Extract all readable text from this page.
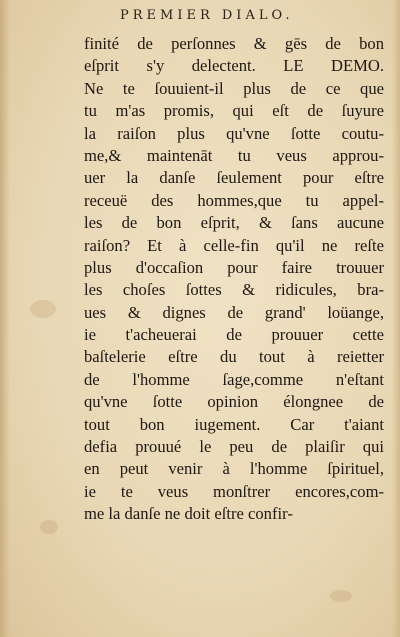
PREMIER DIALO.
finité de perſonnes & gēs de bon
eſprit s'y delectent. LE DEMO.
Ne te ſouuient-il plus de ce que
tu m'as promis, qui eſt de ſuyure
la raiſon plus qu'vne ſotte coutu-
me,& maintenāt tu veus approu-
uer la danſe ſeulement pour eſtre
receuë des hommes,que tu appel-
les de bon eſprit, & ſans aucune
raiſon? Et à celle-fin qu'il ne reſte
plus d'occaſion pour faire trouuer
les choſes ſottes & ridicules, bra-
ues & dignes de grand' loüange,
ie t'acheuerai de prouuer cette
baſtelerie eſtre du tout à reietter
de l'homme ſage,comme n'eſtant
qu'vne ſotte opinion élongnee de
tout bon iugement. Car t'aiant
defia prouué le peu de plaiſir qui
en peut venir à l'homme ſpirituel,
ie te veus monſtrer encores,com-
me la danſe ne doit eſtre confir-
